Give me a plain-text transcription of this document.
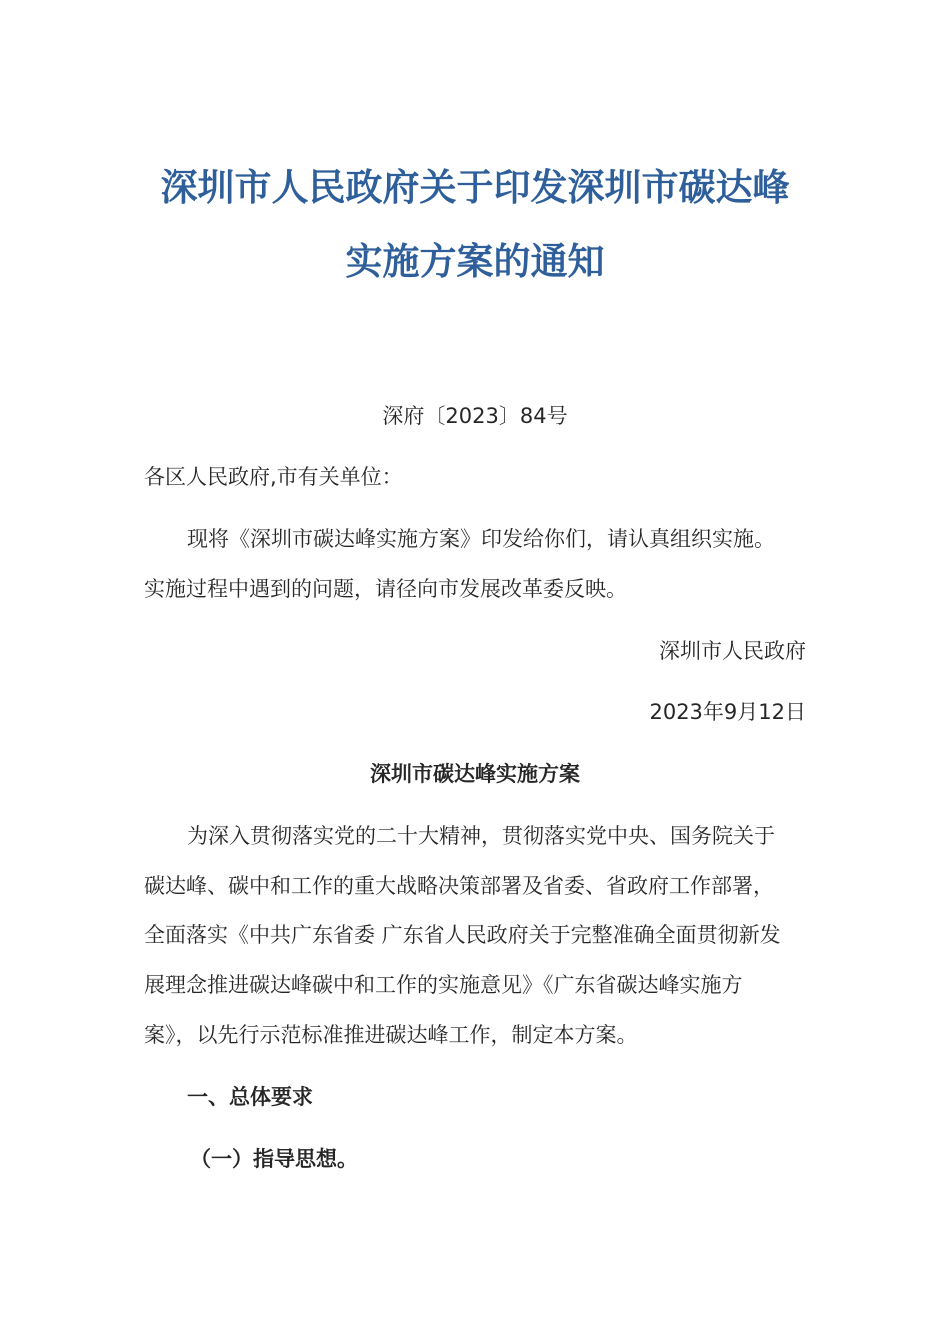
深圳市人民政府关于印发深圳市碳达峰
实施方案的通知

深府〔2023〕84号

各区人民政府,市有关单位：

现将《深圳市碳达峰实施方案》印发给你们，请认真组织实施。

实施过程中遇到的问题，请径向市发展改革委反映。

深圳市人民政府

2023年9月12日

深圳市碳达峰实施方案

为深入贯彻落实党的二十大精神，贯彻落实党中央、国务院关于

碳达峰、碳中和工作的重大战略决策部署及省委、省政府工作部署，

全面落实《中共广东省委 广东省人民政府关于完整准确全面贯彻新发

展理念推进碳达峰碳中和工作的实施意见》《广东省碳达峰实施方

案》，以先行示范标准推进碳达峰工作，制定本方案。

一、总体要求

（一）指导思想。
